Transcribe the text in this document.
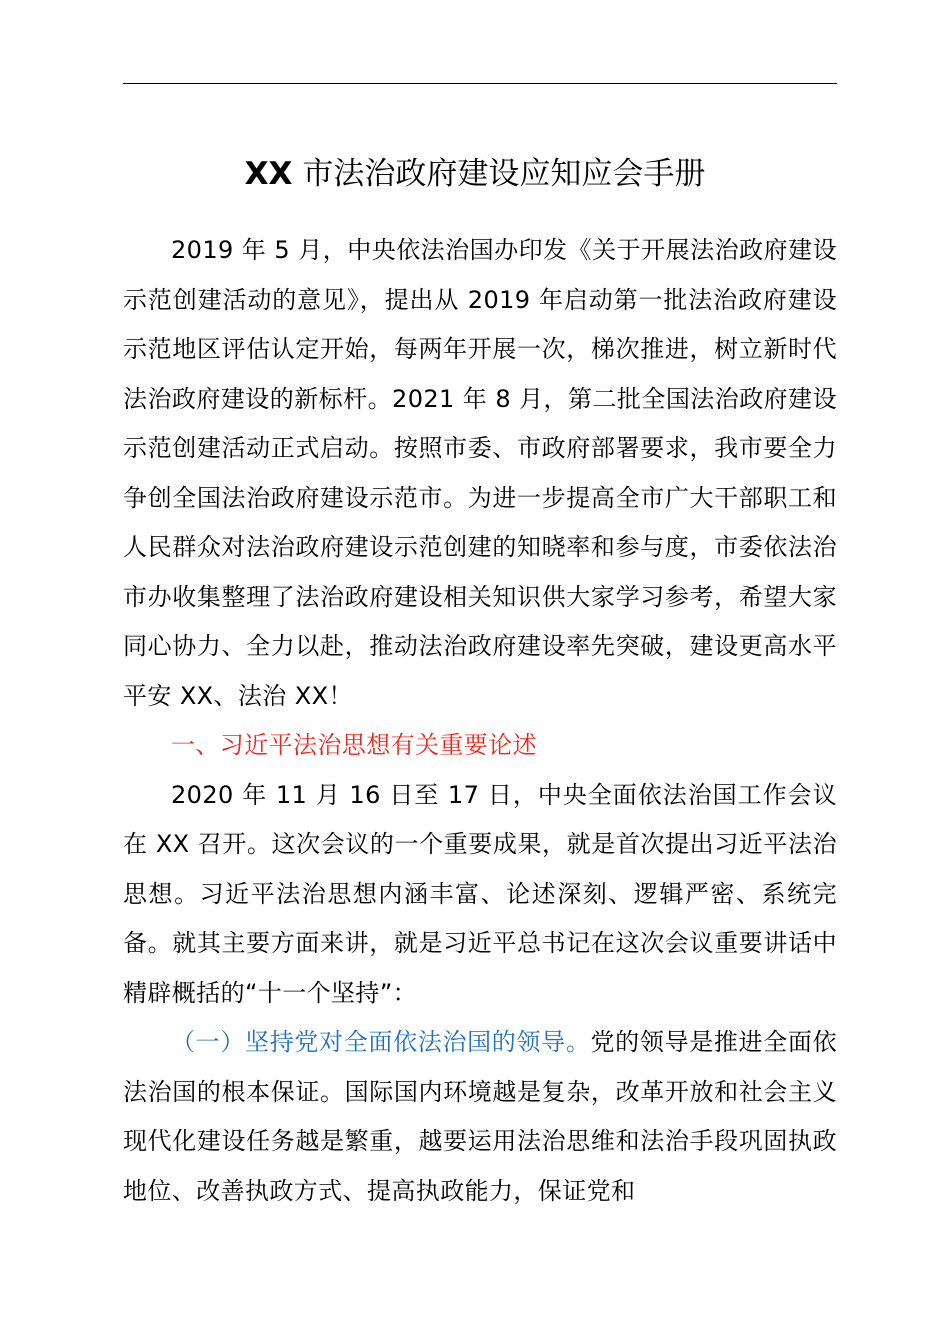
XX 市法治政府建设应知应会手册

2019 年 5 月，中央依法治国办印发《关于开展法治政府建设示范创建活动的意见》，提出从 2019 年启动第一批法治政府建设示范地区评估认定开始，每两年开展一次，梯次推进，树立新时代法治政府建设的新标杆。2021 年 8 月，第二批全国法治政府建设示范创建活动正式启动。按照市委、市政府部署要求，我市要全力争创全国法治政府建设示范市。为进一步提高全市广大干部职工和人民群众对法治政府建设示范创建的知晓率和参与度，市委依法治市办收集整理了法治政府建设相关知识供大家学习参考，希望大家同心协力、全力以赴，推动法治政府建设率先突破，建设更高水平平安 XX、法治 XX！

一、习近平法治思想有关重要论述

2020 年 11 月 16 日至 17 日，中央全面依法治国工作会议在 XX 召开。这次会议的一个重要成果，就是首次提出习近平法治思想。习近平法治思想内涵丰富、论述深刻、逻辑严密、系统完备。就其主要方面来讲，就是习近平总书记在这次会议重要讲话中精辟概括的“十一个坚持”：

（一）坚持党对全面依法治国的领导。党的领导是推进全面依法治国的根本保证。国际国内环境越是复杂，改革开放和社会主义现代化建设任务越是繁重，越要运用法治思维和法治手段巩固执政地位、改善执政方式、提高执政能力，保证党和
